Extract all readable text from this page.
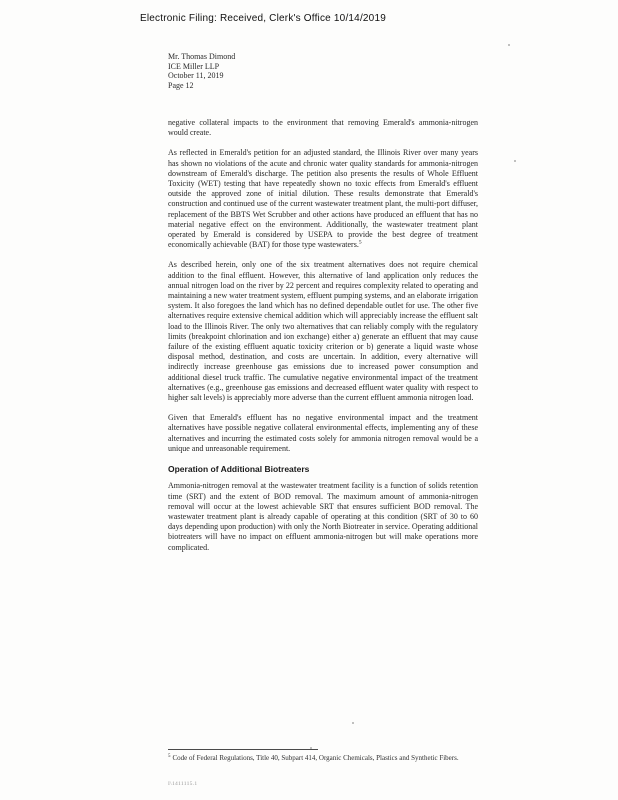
Electronic Filing: Received, Clerk's Office 10/14/2019
Mr. Thomas Dimond
ICE Miller LLP
October 11, 2019
Page 12

negative collateral impacts to the environment that removing Emerald's ammonia-nitrogen would create.

As reflected in Emerald's petition for an adjusted standard, the Illinois River over many years has shown no violations of the acute and chronic water quality standards for ammonia-nitrogen downstream of Emerald's discharge. The petition also presents the results of Whole Effluent Toxicity (WET) testing that have repeatedly shown no toxic effects from Emerald's effluent outside the approved zone of initial dilution. These results demonstrate that Emerald's construction and continued use of the current wastewater treatment plant, the multi-port diffuser, replacement of the BBTS Wet Scrubber and other actions have produced an effluent that has no material negative effect on the environment. Additionally, the wastewater treatment plant operated by Emerald is considered by USEPA to provide the best degree of treatment economically achievable (BAT) for those type wastewaters.$^5$

As described herein, only one of the six treatment alternatives does not require chemical addition to the final effluent. However, this alternative of land application only reduces the annual nitrogen load on the river by 22 percent and requires complexity related to operating and maintaining a new water treatment system, effluent pumping systems, and an elaborate irrigation system. It also foregoes the land which has no defined dependable outlet for use. The other five alternatives require extensive chemical addition which will appreciably increase the effluent salt load to the Illinois River. The only two alternatives that can reliably comply with the regulatory limits (breakpoint chlorination and ion exchange) either a) generate an effluent that may cause failure of the existing effluent aquatic toxicity criterion or b) generate a liquid waste whose disposal method, destination, and costs are uncertain. In addition, every alternative will indirectly increase greenhouse gas emissions due to increased power consumption and additional diesel truck traffic. The cumulative negative environmental impact of the treatment alternatives (e.g., greenhouse gas emissions and decreased effluent water quality with respect to higher salt levels) is appreciably more adverse than the current effluent ammonia nitrogen load.

Given that Emerald's effluent has no negative environmental impact and the treatment alternatives have possible negative collateral environmental effects, implementing any of these alternatives and incurring the estimated costs solely for ammonia nitrogen removal would be a unique and unreasonable requirement.

Operation of Additional Biotreaters

Ammonia-nitrogen removal at the wastewater treatment facility is a function of solids retention time (SRT) and the extent of BOD removal. The maximum amount of ammonia-nitrogen removal will occur at the lowest achievable SRT that ensures sufficient BOD removal. The wastewater treatment plant is already capable of operating at this condition (SRT of 30 to 60 days depending upon production) with only the North Biotreater in service. Operating additional biotreaters will have no impact on effluent ammonia-nitrogen but will make operations more complicated.

$^5$ Code of Federal Regulations, Title 40, Subpart 414, Organic Chemicals, Plastics and Synthetic Fibers.
I\1411115.1
